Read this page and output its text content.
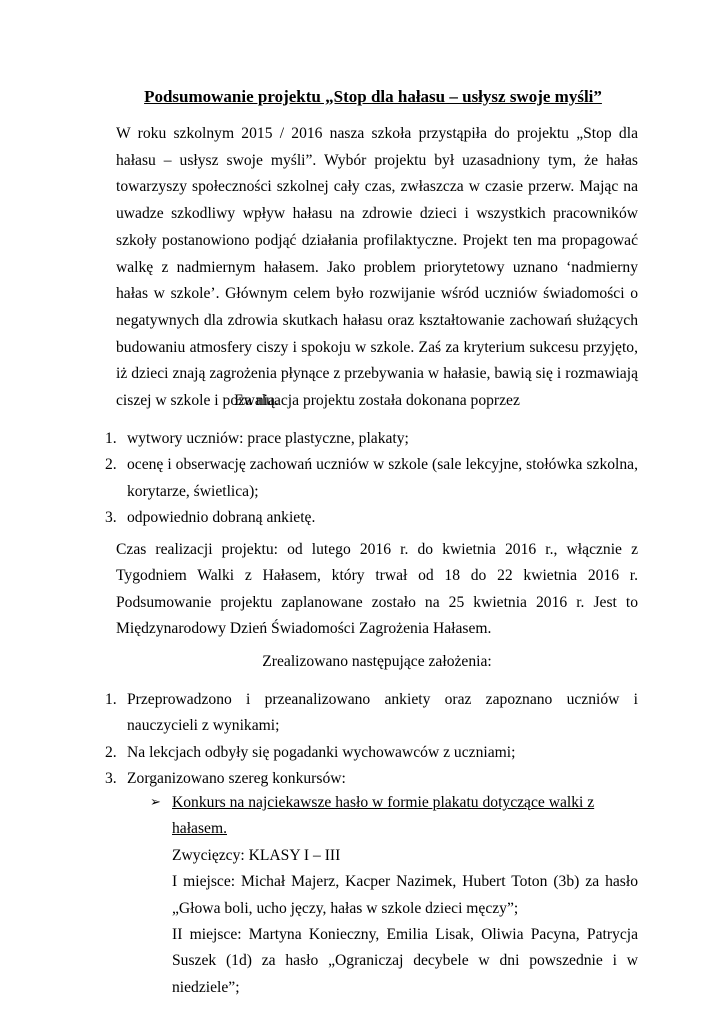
Podsumowanie projektu „Stop dla hałasu – usłysz swoje myśli”

W roku szkolnym 2015 / 2016 nasza szkoła przystąpiła do projektu „Stop dla hałasu – usłysz swoje myśli”. Wybór projektu był uzasadniony tym, że hałas towarzyszy społeczności szkolnej cały czas, zwłaszcza w czasie przerw. Mając na uwadze szkodliwy wpływ hałasu na zdrowie dzieci i wszystkich pracowników szkoły postanowiono podjąć działania profilaktyczne. Projekt ten ma propagować walkę z nadmiernym hałasem. Jako problem priorytetowy uznano ‘nadmierny hałas w szkole’. Głównym celem było rozwijanie wśród uczniów świadomości o negatywnych dla zdrowia skutkach hałasu oraz kształtowanie zachowań służących budowaniu atmosfery ciszy i spokoju w szkole. Zaś za kryterium sukcesu przyjęto, iż dzieci znają zagrożenia płynące z przebywania w hałasie, bawią się i rozmawiają ciszej w szkole i poza nią.

Ewaluacja projektu została dokonana poprzez

1. wytwory uczniów: prace plastyczne, plakaty;
2. ocenę i obserwację zachowań uczniów w szkole (sale lekcyjne, stołówka szkolna, korytarze, świetlica);
3. odpowiednio dobraną ankietę.

Czas realizacji projektu: od lutego 2016 r. do kwietnia 2016 r., włącznie z Tygodniem Walki z Hałasem, który trwał od 18 do 22 kwietnia 2016 r. Podsumowanie projektu zaplanowane zostało na 25 kwietnia 2016 r. Jest to Międzynarodowy Dzień Świadomości Zagrożenia Hałasem.

Zrealizowano następujące założenia:

1. Przeprowadzono i przeanalizowano ankiety oraz zapoznano uczniów i nauczycieli z wynikami;
2. Na lekcjach odbyły się pogadanki wychowawców z uczniami;
3. Zorganizowano szereg konkursów:
➢ Konkurs na najciekawsze hasło w formie plakatu dotyczące walki z hałasem.
Zwycięzcy: KLASY I – III
I miejsce: Michał Majerz, Kacper Nazimek, Hubert Toton (3b) za hasło „Głowa boli, ucho jęczy, hałas w szkole dzieci męczy”;
II miejsce: Martyna Konieczny, Emilia Lisak, Oliwia Pacyna, Patrycja Suszek (1d) za hasło „Ograniczaj decybele w dni powszednie i w niedziele”;
